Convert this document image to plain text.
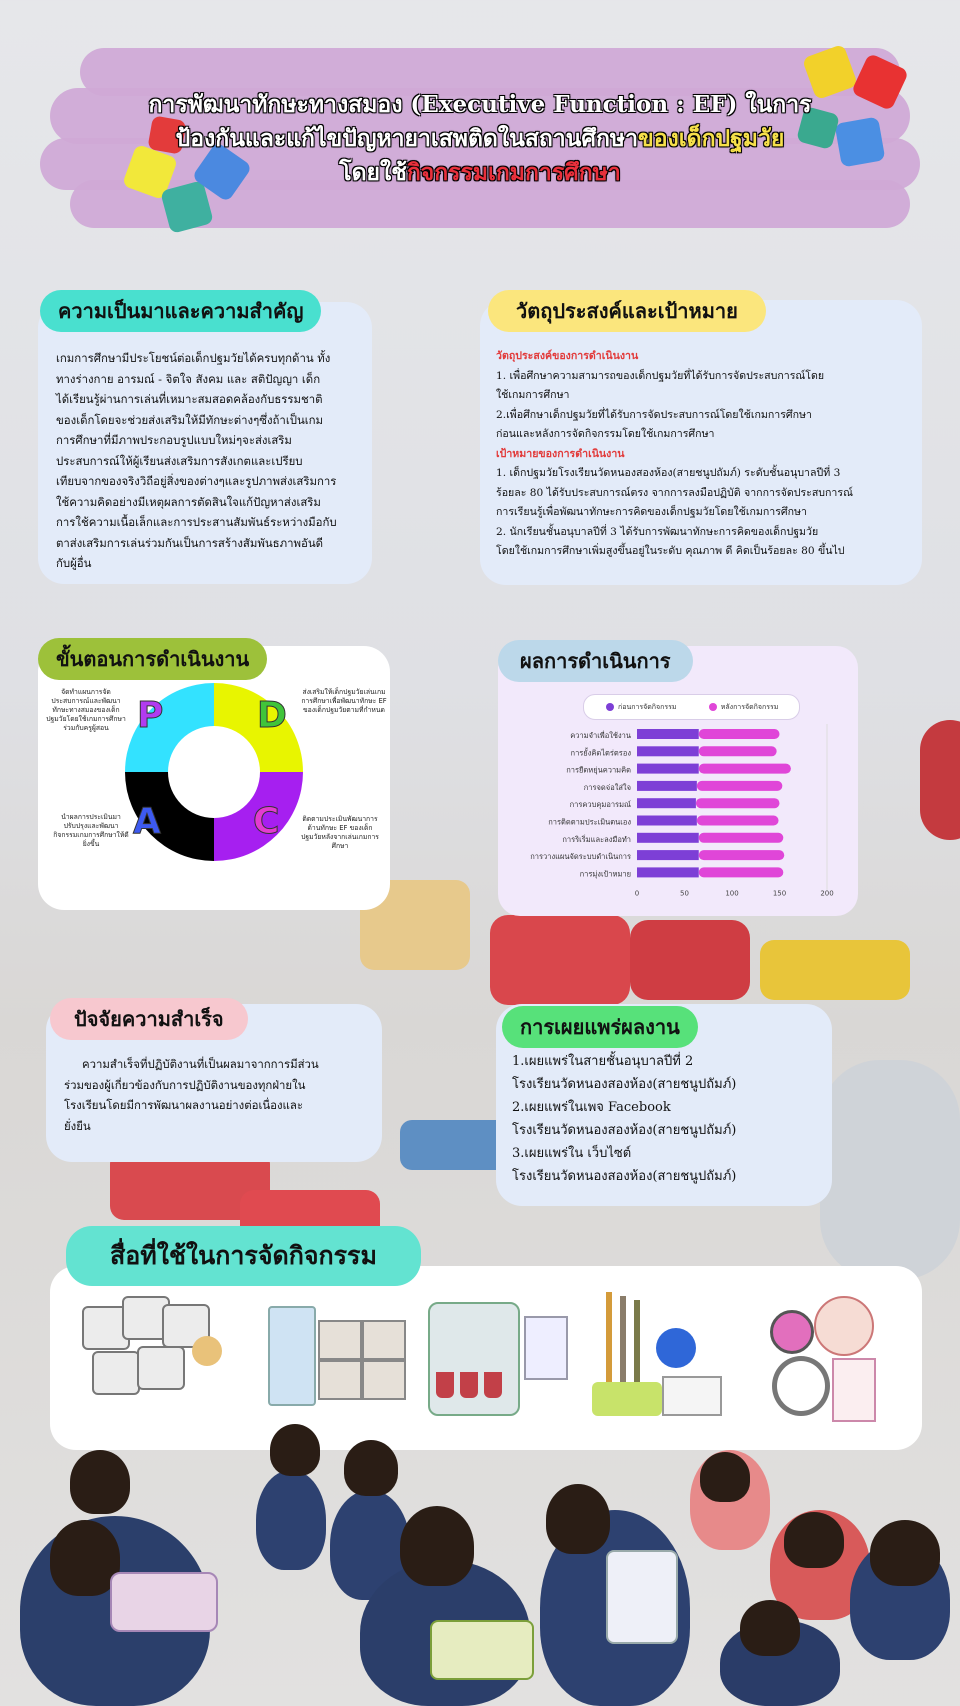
การพัฒนาทักษะทางสมอง (Executive Function : EF) ในการ
ป้องกันและแก้ไขปัญหายาเสพติดในสถานศึกษาของเด็กปฐมวัย
โดยใช้กิจกรรมเกมการศึกษา
ความเป็นมาและความสำคัญ
เกมการศึกษามีประโยชน์ต่อเด็กปฐมวัยได้ครบทุกด้าน ทั้ง
ทางร่างกาย อารมณ์ - จิตใจ สังคม และ สติปัญญา เด็ก
ได้เรียนรู้ผ่านการเล่นที่เหมาะสมสอดคล้องกับธรรมชาติ
ของเด็กโดยจะช่วยส่งเสริมให้มีทักษะต่างๆซึ่งถ้าเป็นเกม
การศึกษาที่มีภาพประกอบรูปแบบใหม่ๆจะส่งเสริม
ประสบการณ์ให้ผู้เรียนส่งเสริมการสังเกตและเปรียบ
เทียบจากของจริงวิถีอยู่สิ่งของต่างๆและรูปภาพส่งเสริมการ
ใช้ความคิดอย่างมีเหตุผลการตัดสินใจแก้ปัญหาส่งเสริม
การใช้ความเนื้อเล็กและการประสานสัมพันธ์ระหว่างมือกับ
ตาส่งเสริมการเล่นร่วมกันเป็นการสร้างสัมพันธภาพอันดี
กับผู้อื่น
วัตถุประสงค์และเป้าหมาย
วัตถุประสงค์ของการดำเนินงาน
1. เพื่อศึกษาความสามารถของเด็กปฐมวัยที่ได้รับการจัดประสบการณ์โดย
ใช้เกมการศึกษา
2.เพื่อศึกษาเด็กปฐมวัยที่ได้รับการจัดประสบการณ์โดยใช้เกมการศึกษา
ก่อนและหลังการจัดกิจกรรมโดยใช้เกมการศึกษา
เป้าหมายของการดำเนินงาน
1. เด็กปฐมวัยโรงเรียนวัดหนองสองห้อง(สายชนูปถัมภ์) ระดับชั้นอนุบาลปีที่ 3
ร้อยละ 80 ได้รับประสบการณ์ตรง จากการลงมือปฏิบัติ จากการจัดประสบการณ์
การเรียนรู้เพื่อพัฒนาทักษะการคิดของเด็กปฐมวัยโดยใช้เกมการศึกษา
2. นักเรียนชั้นอนุบาลปีที่ 3 ได้รับการพัฒนาทักษะการคิดของเด็กปฐมวัย
โดยใช้เกมการศึกษาเพิ่มสูงขึ้นอยู่ในระดับ คุณภาพ ดี คิดเป็นร้อยละ 80 ขึ้นไป
ขั้นตอนการดำเนินงาน
P	D
C
A
จัดทำแผนการจัดประสบการณ์และพัฒนาทักษะทางสมองของเด็กปฐมวัยโดยใช้เกมการศึกษา ร่วมกับครูผู้สอน
ส่งเสริมให้เด็กปฐมวัยเล่นเกมการศึกษาเพื่อพัฒนาทักษะ EF ของเด็กปฐมวัยตามที่กำหนด
นำผลการประเมินมาปรับปรุงและพัฒนากิจกรรมเกมการศึกษาให้ดียิ่งขึ้น
ติดตามประเมินพัฒนาการด้านทักษะ EF ของเด็กปฐมวัยหลังจากเล่นเกมการศึกษา
ผลการดำเนินการ
ก่อนการจัดกิจกรรม	หลังการจัดกิจกรรม
ความจำเพื่อใช้งาน
การยั้งคิดไตร่ตรอง
การยืดหยุ่นความคิด
การจดจ่อใส่ใจ
การควบคุมอารมณ์
การติดตามประเมินตนเอง
การริเริ่มและลงมือทำ
การวางแผนจัดระบบดำเนินการ
การมุ่งเป้าหมาย
0	50	100	150	200
ปัจจัยความสำเร็จ
ความสำเร็จที่ปฏิบัติงานที่เป็นผลมาจากการมีส่วน
ร่วมของผู้เกี่ยวข้องกับการปฏิบัติงานของทุกฝ่ายใน
โรงเรียนโดยมีการพัฒนาผลงานอย่างต่อเนื่องและ
ยั่งยืน
การเผยแพร่ผลงาน
1.เผยแพร่ในสายชั้นอนุบาลปีที่ 2
โรงเรียนวัดหนองสองห้อง(สายชนูปถัมภ์)
2.เผยแพร่ในเพจ Facebook
โรงเรียนวัดหนองสองห้อง(สายชนูปถัมภ์)
3.เผยแพร่ใน เว็บไซต์
โรงเรียนวัดหนองสองห้อง(สายชนูปถัมภ์)
สื่อที่ใช้ในการจัดกิจกรรม
